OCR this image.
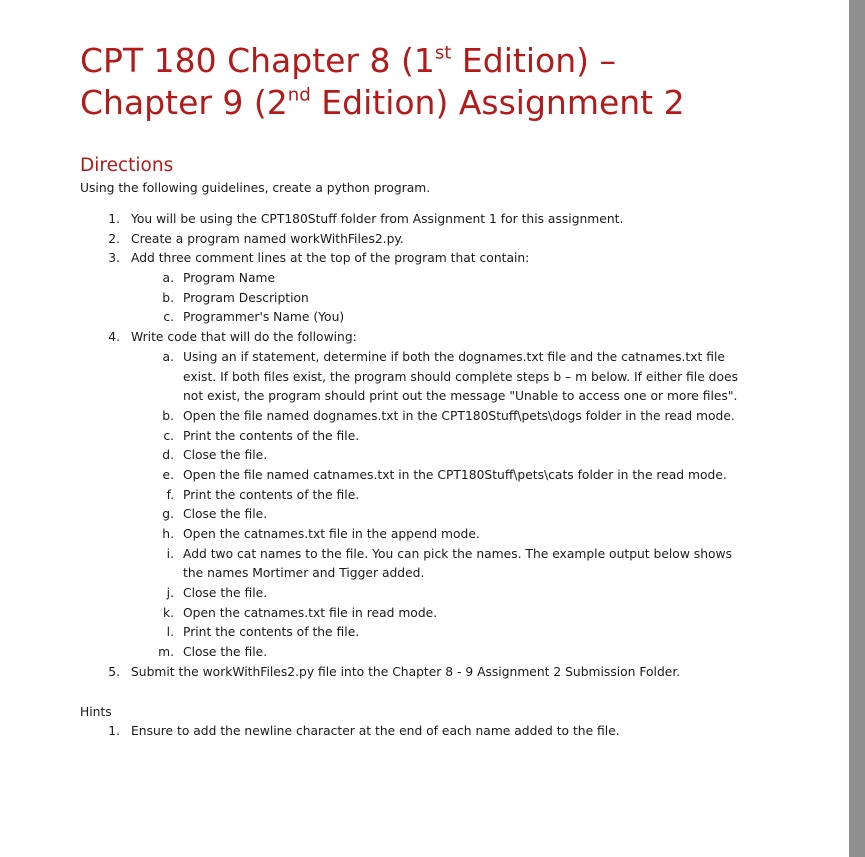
CPT 180 Chapter 8 (1st Edition) –
Chapter 9 (2nd Edition) Assignment 2
Directions
Using the following guidelines, create a python program.
1. You will be using the CPT180Stuff folder from Assignment 1 for this assignment.
2. Create a program named workWithFiles2.py.
3. Add three comment lines at the top of the program that contain:
a. Program Name
b. Program Description
c. Programmer's Name (You)
4. Write code that will do the following:
a. Using an if statement, determine if both the dognames.txt file and the catnames.txt file
exist. If both files exist, the program should complete steps b – m below. If either file does
not exist, the program should print out the message "Unable to access one or more files".
b. Open the file named dognames.txt in the CPT180Stuff\pets\dogs folder in the read mode.
c. Print the contents of the file.
d. Close the file.
e. Open the file named catnames.txt in the CPT180Stuff\pets\cats folder in the read mode.
f. Print the contents of the file.
g. Close the file.
h. Open the catnames.txt file in the append mode.
i. Add two cat names to the file. You can pick the names. The example output below shows
the names Mortimer and Tigger added.
j. Close the file.
k. Open the catnames.txt file in read mode.
l. Print the contents of the file.
m. Close the file.
5. Submit the workWithFiles2.py file into the Chapter 8 - 9 Assignment 2 Submission Folder.
Hints
1. Ensure to add the newline character at the end of each name added to the file.
